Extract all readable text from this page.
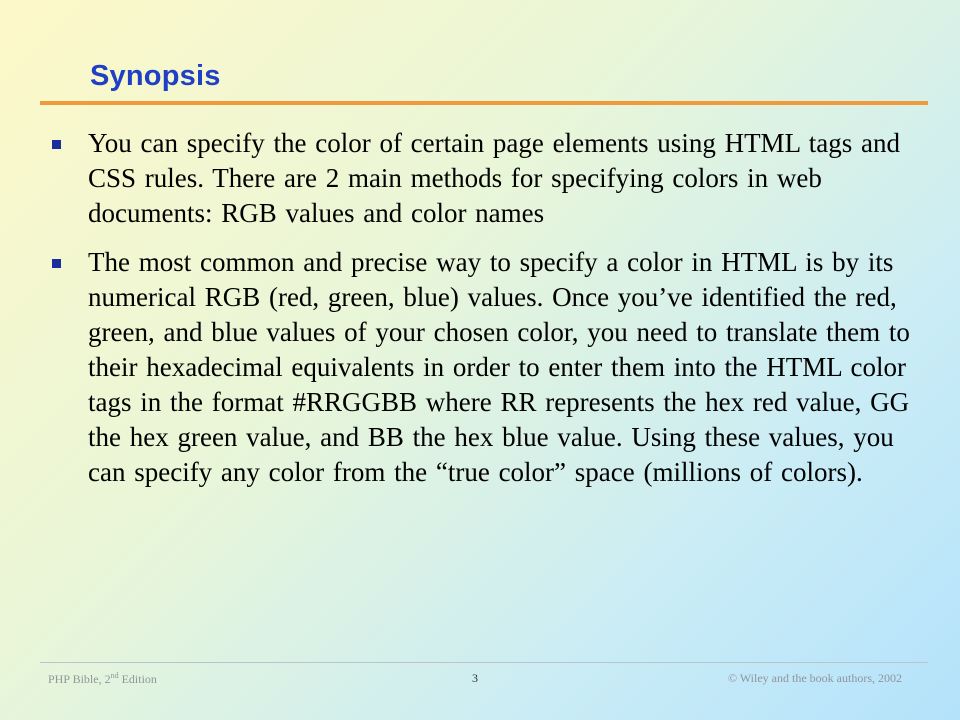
Synopsis
You can specify the color of certain page elements using HTML tags and CSS rules. There are 2 main methods for specifying colors in web documents: RGB values and color names
The most common and precise way to specify a color in HTML is by its numerical RGB (red, green, blue) values. Once you’ve identified the red, green, and blue values of your chosen color, you need to translate them to their hexadecimal equivalents in order to enter them into the HTML color tags in the format #RRGGBB where RR represents the hex red value, GG the hex green value, and BB the hex blue value. Using these values, you can specify any color from the “true color” space (millions of colors).
PHP Bible, 2nd Edition	3	© Wiley and the book authors, 2002
